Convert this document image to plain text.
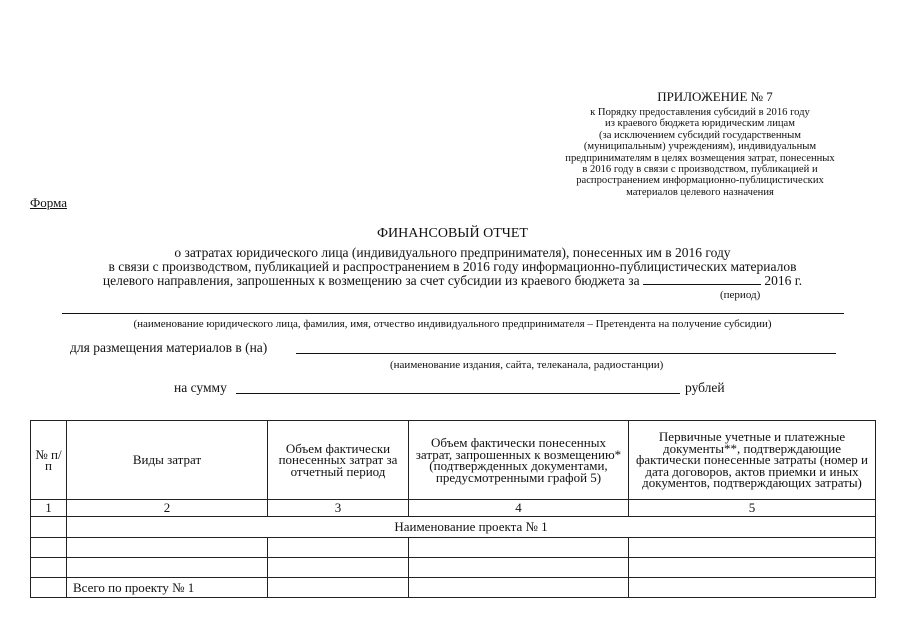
ПРИЛОЖЕНИЕ № 7
к Порядку предоставления субсидий в 2016 году
из краевого бюджета юридическим лицам
(за исключением субсидий государственным
(муниципальным) учреждениям), индивидуальным
предпринимателям в целях возмещения затрат, понесенных
в 2016 году в связи с производством, публикацией и
распространением информационно-публицистических
материалов целевого назначения
Форма
ФИНАНСОВЫЙ ОТЧЕТ
о затратах юридического лица (индивидуального предпринимателя), понесенных им в 2016 году
в связи с производством, публикацией и распространением в 2016 году информационно-публицистических материалов
целевого направления, запрошенных к возмещению за счет субсидии из краевого бюджета за	2016 г.
(период)
(наименование юридического лица, фамилия, имя, отчество индивидуального предпринимателя – Претендента на получение субсидии)
для размещения материалов в (на)
(наименование издания, сайта, телеканала, радиостанции)
на сумму	рублей
№ п/п	Виды затрат	Объем фактически понесенных затрат за отчетный период	Объем фактически понесенных затрат, запрошенных к возмещению* (подтвержденных документами, предусмотренными графой 5)	Первичные учетные и платежные документы**, подтверждающие фактически понесенные затраты (номер и дата договоров, актов приемки и иных документов, подтверждающих затраты)
1	2	3	4	5
	Наименование проекта № 1			

	Всего по проекту № 1			
